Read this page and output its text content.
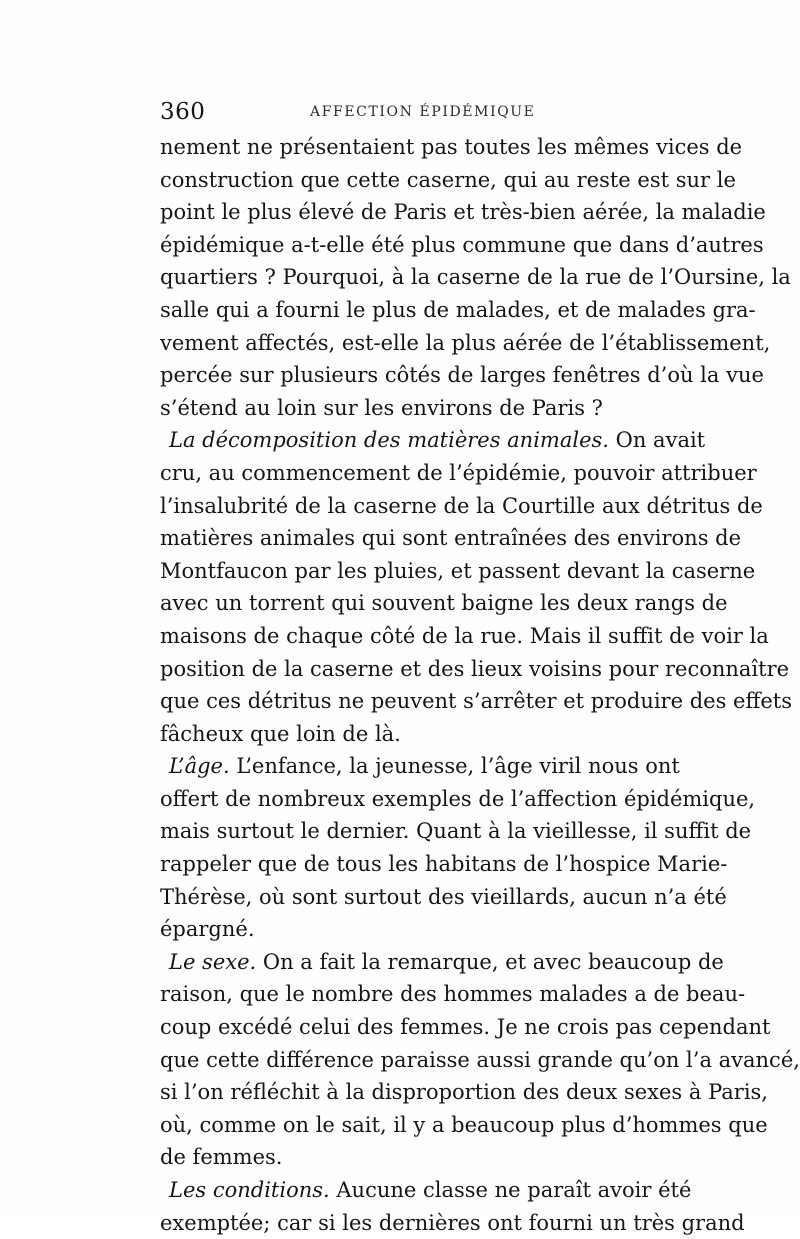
360	AFFECTION ÉPIDÉMIQUE
nement ne présentaient pas toutes les mêmes vices de
construction que cette caserne, qui au reste est sur le
point le plus élevé de Paris et très-bien aérée, la maladie
épidémique a-t-elle été plus commune que dans d’autres
quartiers ? Pourquoi, à la caserne de la rue de l’Oursine, la
salle qui a fourni le plus de malades, et de malades gra-
vement affectés, est-elle la plus aérée de l’établissement,
percée sur plusieurs côtés de larges fenêtres d’où la vue
s’étend au loin sur les environs de Paris ?
La décomposition des matières animales. On avait
cru, au commencement de l’épidémie, pouvoir attribuer
l’insalubrité de la caserne de la Courtille aux détritus de
matières animales qui sont entraînées des environs de
Montfaucon par les pluies, et passent devant la caserne
avec un torrent qui souvent baigne les deux rangs de
maisons de chaque côté de la rue. Mais il suffit de voir la
position de la caserne et des lieux voisins pour reconnaître
que ces détritus ne peuvent s’arrêter et produire des effets
fâcheux que loin de là.
L’âge. L’enfance, la jeunesse, l’âge viril nous ont
offert de nombreux exemples de l’affection épidémique,
mais surtout le dernier. Quant à la vieillesse, il suffit de
rappeler que de tous les habitans de l’hospice Marie-
Thérèse, où sont surtout des vieillards, aucun n’a été
épargné.
Le sexe. On a fait la remarque, et avec beaucoup de
raison, que le nombre des hommes malades a de beau-
coup excédé celui des femmes. Je ne crois pas cependant
que cette différence paraisse aussi grande qu’on l’a avancé,
si l’on réfléchit à la disproportion des deux sexes à Paris,
où, comme on le sait, il y a beaucoup plus d’hommes que
de femmes.
Les conditions. Aucune classe ne paraît avoir été
exemptée; car si les dernières ont fourni un très grand
